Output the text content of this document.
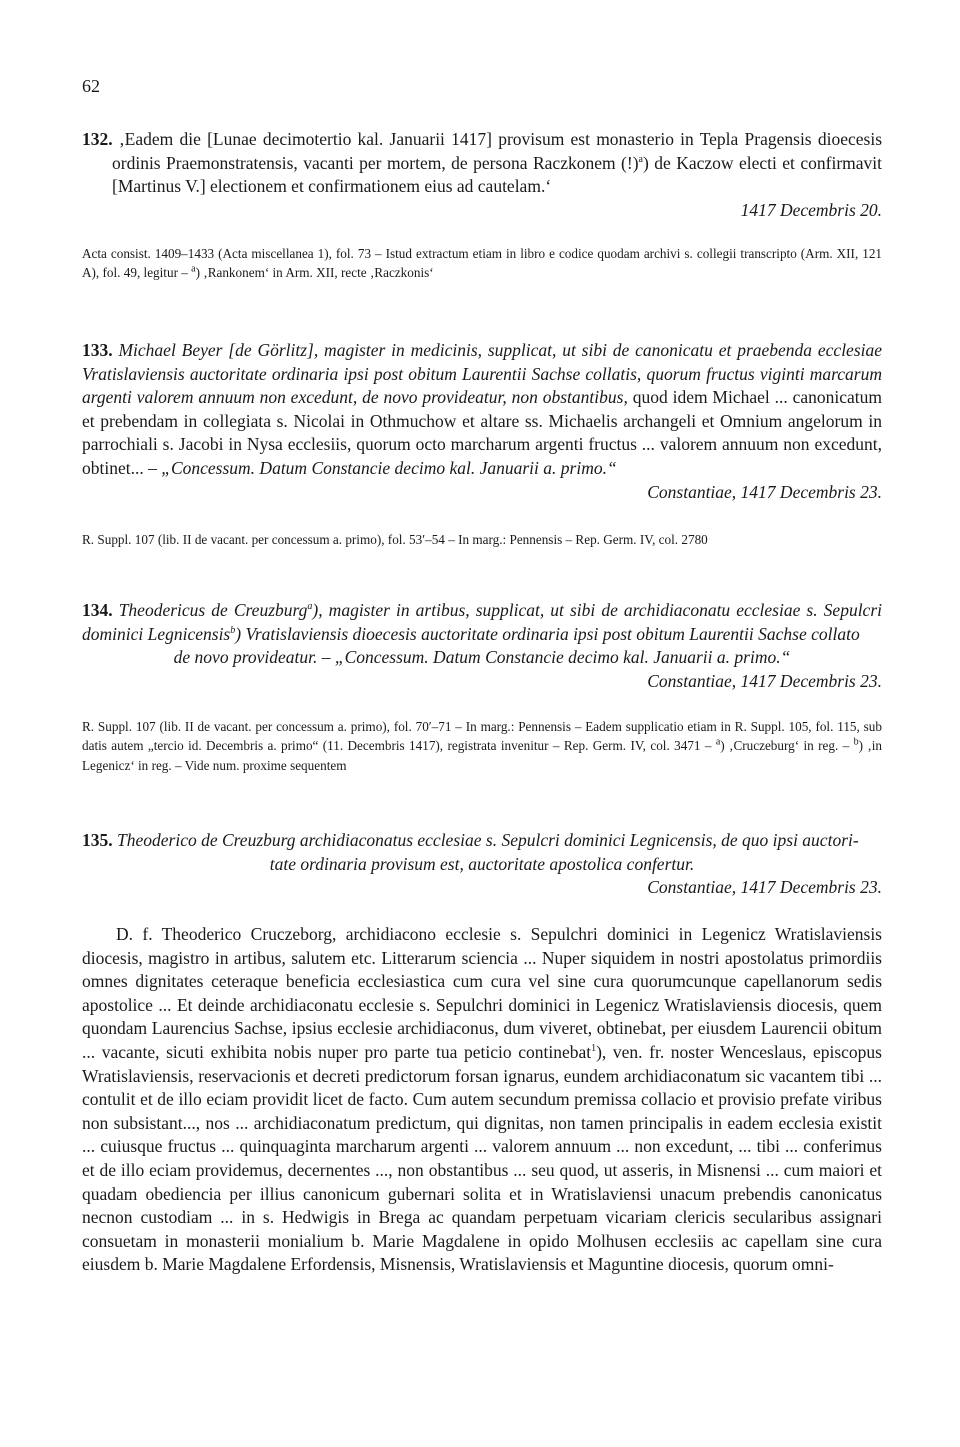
62

132. ‚Eadem die [Lunae decimotertio kal. Januarii 1417] provisum est monasterio in Tepla Pragensis dioecesis ordinis Praemonstratensis, vacanti per mortem, de persona Raczkonem (!)$^a$) de Kaczow electi et confirmavit [Martinus V.] electionem et confirmationem eius ad cautelam.‘

1417 Decembris 20.

Acta consist. 1409–1433 (Acta miscellanea 1), fol. 73 – Istud extractum etiam in libro e codice quodam archivi s. collegii transcripto (Arm. XII, 121 A), fol. 49, legitur – $^a$) ‚Rankonem‘ in Arm. XII, recte ‚Raczkonis‘

133. Michael Beyer [de Görlitz], magister in medicinis, supplicat, ut sibi de canonicatu et praebenda ecclesiae Vratislaviensis auctoritate ordinaria ipsi post obitum Laurentii Sachse collatis, quorum fructus viginti marcarum argenti valorem annuum non excedunt, de novo provideatur, non obstantibus, quod idem Michael ... canonicatum et prebendam in collegiata s. Nicolai in Othmuchow et altare ss. Michaelis archangeli et Omnium angelorum in parrochiali s. Jacobi in Nysa ecclesiis, quorum octo marcharum argenti fructus ... valorem annuum non excedunt, obtinet... – „Concessum. Datum Constancie decimo kal. Januarii a. primo.“

Constantiae, 1417 Decembris 23.

R. Suppl. 107 (lib. II de vacant. per concessum a. primo), fol. 53′–54 – In marg.: Pennensis – Rep. Germ. IV, col. 2780

134. Theodericus de Creuzburg$^a$), magister in artibus, supplicat, ut sibi de archidiaconatu ecclesiae s. Sepulcri dominici Legnicensis$^b$) Vratislaviensis dioecesis auctoritate ordinaria ipsi post obitum Laurentii Sachse collato

de novo provideatur. – „Concessum. Datum Constancie decimo kal. Januarii a. primo.“

Constantiae, 1417 Decembris 23.

R. Suppl. 107 (lib. II de vacant. per concessum a. primo), fol. 70′–71 – In marg.: Pennensis – Eadem supplicatio etiam in R. Suppl. 105, fol. 115, sub datis autem „tercio id. Decembris a. primo“ (11. Decembris 1417), registrata invenitur – Rep. Germ. IV, col. 3471 – $^a$) ‚Cruczeburg‘ in reg. – $^b$) ‚in Legenicz‘ in reg. – Vide num. proxime sequentem

135. Theoderico de Creuzburg archidiaconatus ecclesiae s. Sepulcri dominici Legnicensis, de quo ipsi auctori-

tate ordinaria provisum est, auctoritate apostolica confertur.

Constantiae, 1417 Decembris 23.

D. f. Theoderico Cruczeborg, archidiacono ecclesie s. Sepulchri dominici in Legenicz Wratislaviensis diocesis, magistro in artibus, salutem etc. Litterarum sciencia ... Nuper siquidem in nostri apostolatus primordiis omnes dignitates ceteraque beneficia ecclesiastica cum cura vel sine cura quorumcunque capellanorum sedis apostolice ... Et deinde archidiaconatu ecclesie s. Sepulchri dominici in Legenicz Wratislaviensis diocesis, quem quondam Laurencius Sachse, ipsius ecclesie archidiaconus, dum viveret, obtinebat, per eiusdem Laurencii obitum ... vacante, sicuti exhibita nobis nuper pro parte tua peticio continebat$^1$), ven. fr. noster Wenceslaus, episcopus Wratislaviensis, reservacionis et decreti predictorum forsan ignarus, eundem archidiaconatum sic vacantem tibi ... contulit et de illo eciam providit licet de facto. Cum autem secundum premissa collacio et provisio prefate viribus non subsistant..., nos ... archidiaconatum predictum, qui dignitas, non tamen principalis in eadem ecclesia existit ... cuiusque fructus ... quinquaginta marcharum argenti ... valorem annuum ... non excedunt, ... tibi ... conferimus et de illo eciam providemus, decernentes ..., non obstantibus ... seu quod, ut asseris, in Misnensi ... cum maiori et quadam obediencia per illius canonicum gubernari solita et in Wratislaviensi unacum prebendis canonicatus necnon custodiam ... in s. Hedwigis in Brega ac quandam perpetuam vicariam clericis secularibus assignari consuetam in monasterii monialium b. Marie Magdalene in opido Molhusen ecclesiis ac capellam sine cura eiusdem b. Marie Magdalene Erfordensis, Misnensis, Wratislaviensis et Maguntine diocesis, quorum omni-
